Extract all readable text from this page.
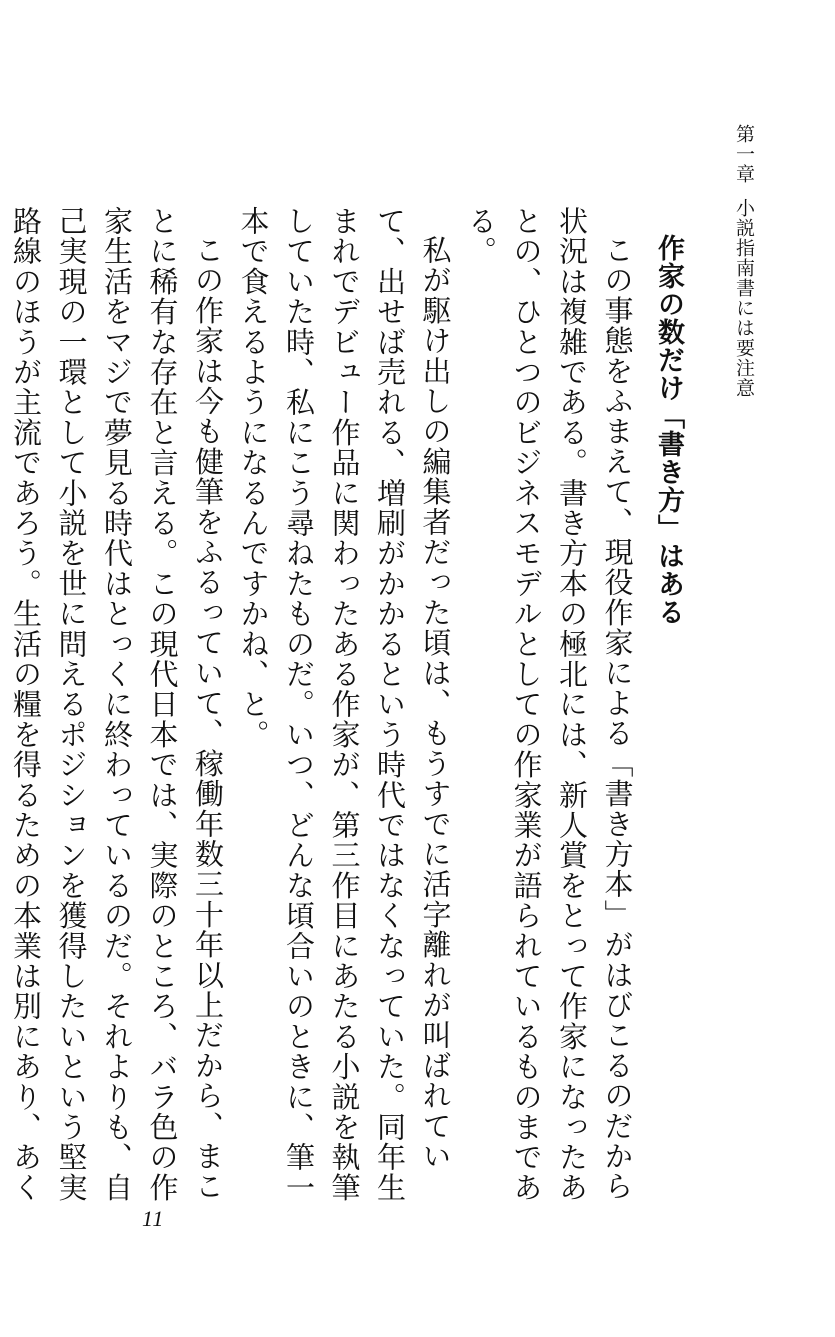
第一章小説指南書には要注意
作家の数だけ「書き方」はある

この事態をふまえて、現役作家による「書き方本」がはびこるのだから状況は複雑である。書き方本の極北には、新人賞をとって作家になったあとの、ひとつのビジネスモデルとしての作家業が語られているものまである。

私が駆け出しの編集者だった頃は、もうすでに活字離れが叫ばれていて、出せば売れる、増刷がかかるという時代ではなくなっていた。同年生まれでデビュー作品に関わったある作家が、第三作目にあたる小説を執筆していた時、私にこう尋ねたものだ。いつ、どんな頃合いのときに、筆一本で食えるようになるんですかね、と。

この作家は今も健筆をふるっていて、稼働年数三十年以上だから、まことに稀有な存在と言える。この現代日本では、実際のところ、バラ色の作家生活をマジで夢見る時代はとっくに終わっているのだ。それよりも、自己実現の一環として小説を世に問えるポジションを獲得したいという堅実路線のほうが主流であろう。生活の糧を得るための本業は別にあり、あく

11
